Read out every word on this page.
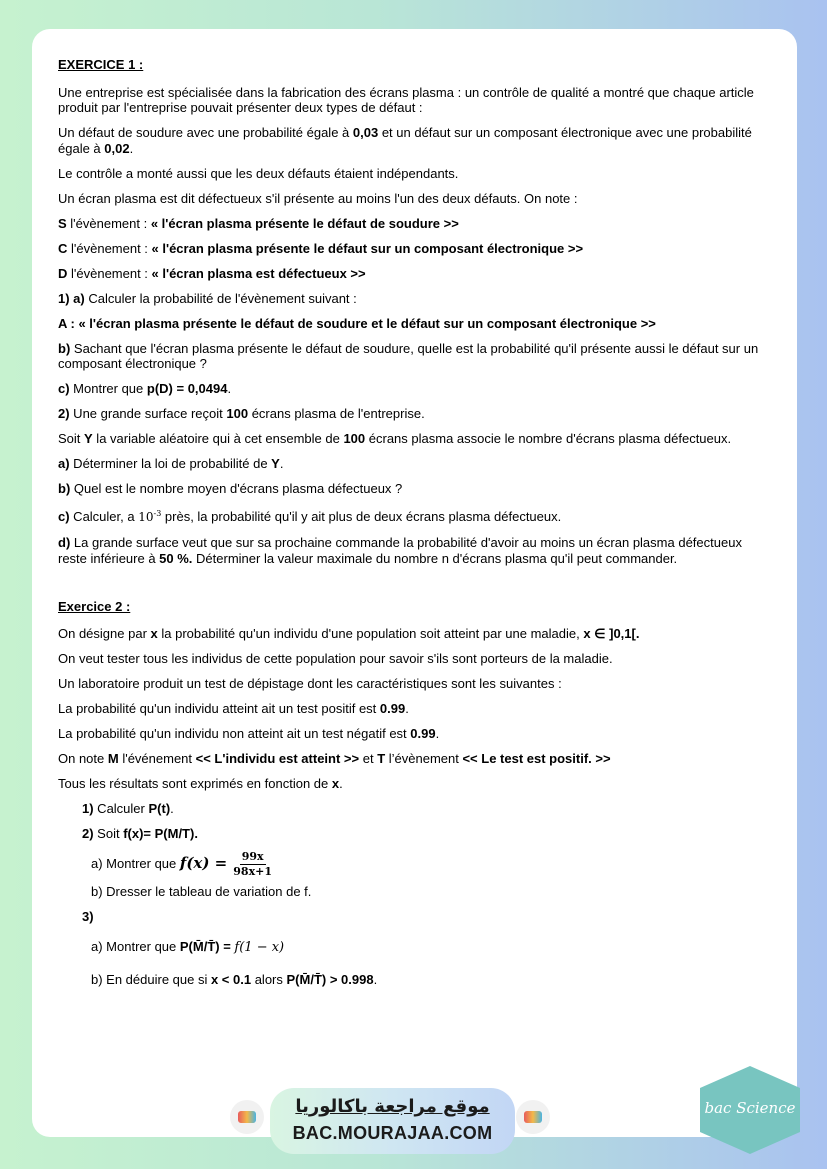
EXERCICE 1 :
Une entreprise est spécialisée dans la fabrication des écrans plasma : un contrôle de qualité a montré que chaque article produit par l'entreprise pouvait présenter deux types de défaut :
Un défaut de soudure avec une probabilité égale à 0,03 et un défaut sur un composant électronique avec une probabilité égale à 0,02.
Le contrôle a monté aussi que les deux défauts étaient indépendants.
Un écran plasma est dit défectueux s'il présente au moins l'un des deux défauts. On note :
S l'évènement : « l'écran plasma présente le défaut de soudure >>
C l'évènement : « l'écran plasma présente le défaut sur un composant électronique >>
D l'évènement : « l'écran plasma est défectueux >>
1) a) Calculer la probabilité de l'évènement suivant :
A : « l'écran plasma présente le défaut de soudure et le défaut sur un composant électronique >>
b) Sachant que l'écran plasma présente le défaut de soudure, quelle est la probabilité qu'il présente aussi le défaut sur un composant électronique ?
c) Montrer que p(D) = 0,0494.
2) Une grande surface reçoit 100 écrans plasma de l'entreprise.
Soit Y la variable aléatoire qui à cet ensemble de 100 écrans plasma associe le nombre d'écrans plasma défectueux.
a) Déterminer la loi de probabilité de Y.
b) Quel est le nombre moyen d'écrans plasma défectueux ?
c) Calculer, a $10^{-3}$ près, la probabilité qu'il y ait plus de deux écrans plasma défectueux.
d) La grande surface veut que sur sa prochaine commande la probabilité d'avoir au moins un écran plasma défectueux reste inférieure à 50 %. Déterminer la valeur maximale du nombre n d'écrans plasma qu'il peut commander.
Exercice 2 :
On désigne par x la probabilité qu'un individu d'une population soit atteint par une maladie, x ∈ ]0,1[.
On veut tester tous les individus de cette population pour savoir s'ils sont porteurs de la maladie.
Un laboratoire produit un test de dépistage dont les caractéristiques sont les suivantes :
La probabilité qu'un individu atteint ait un test positif est 0.99.
La probabilité qu'un individu non atteint ait un test négatif est 0.99.
On note M l'événement << L'individu est atteint >> et T l’évènement << Le test est positif. >>
Tous les résultats sont exprimés en fonction de x.
1) Calculer P(t).
2) Soit f(x)= P(M/T).
a) Montrer que $f(x) = \frac{99x}{98x+1}$
b) Dresser le tableau de variation de f.
3)
a) Montrer que P(M̄/T̄) = f(1 − x)
b) En déduire que si x < 0.1 alors P(M̄/T̄) > 0.998.
موقع مراجعة باكالوريا
BAC.MOURAJAA.COM
bac Science
